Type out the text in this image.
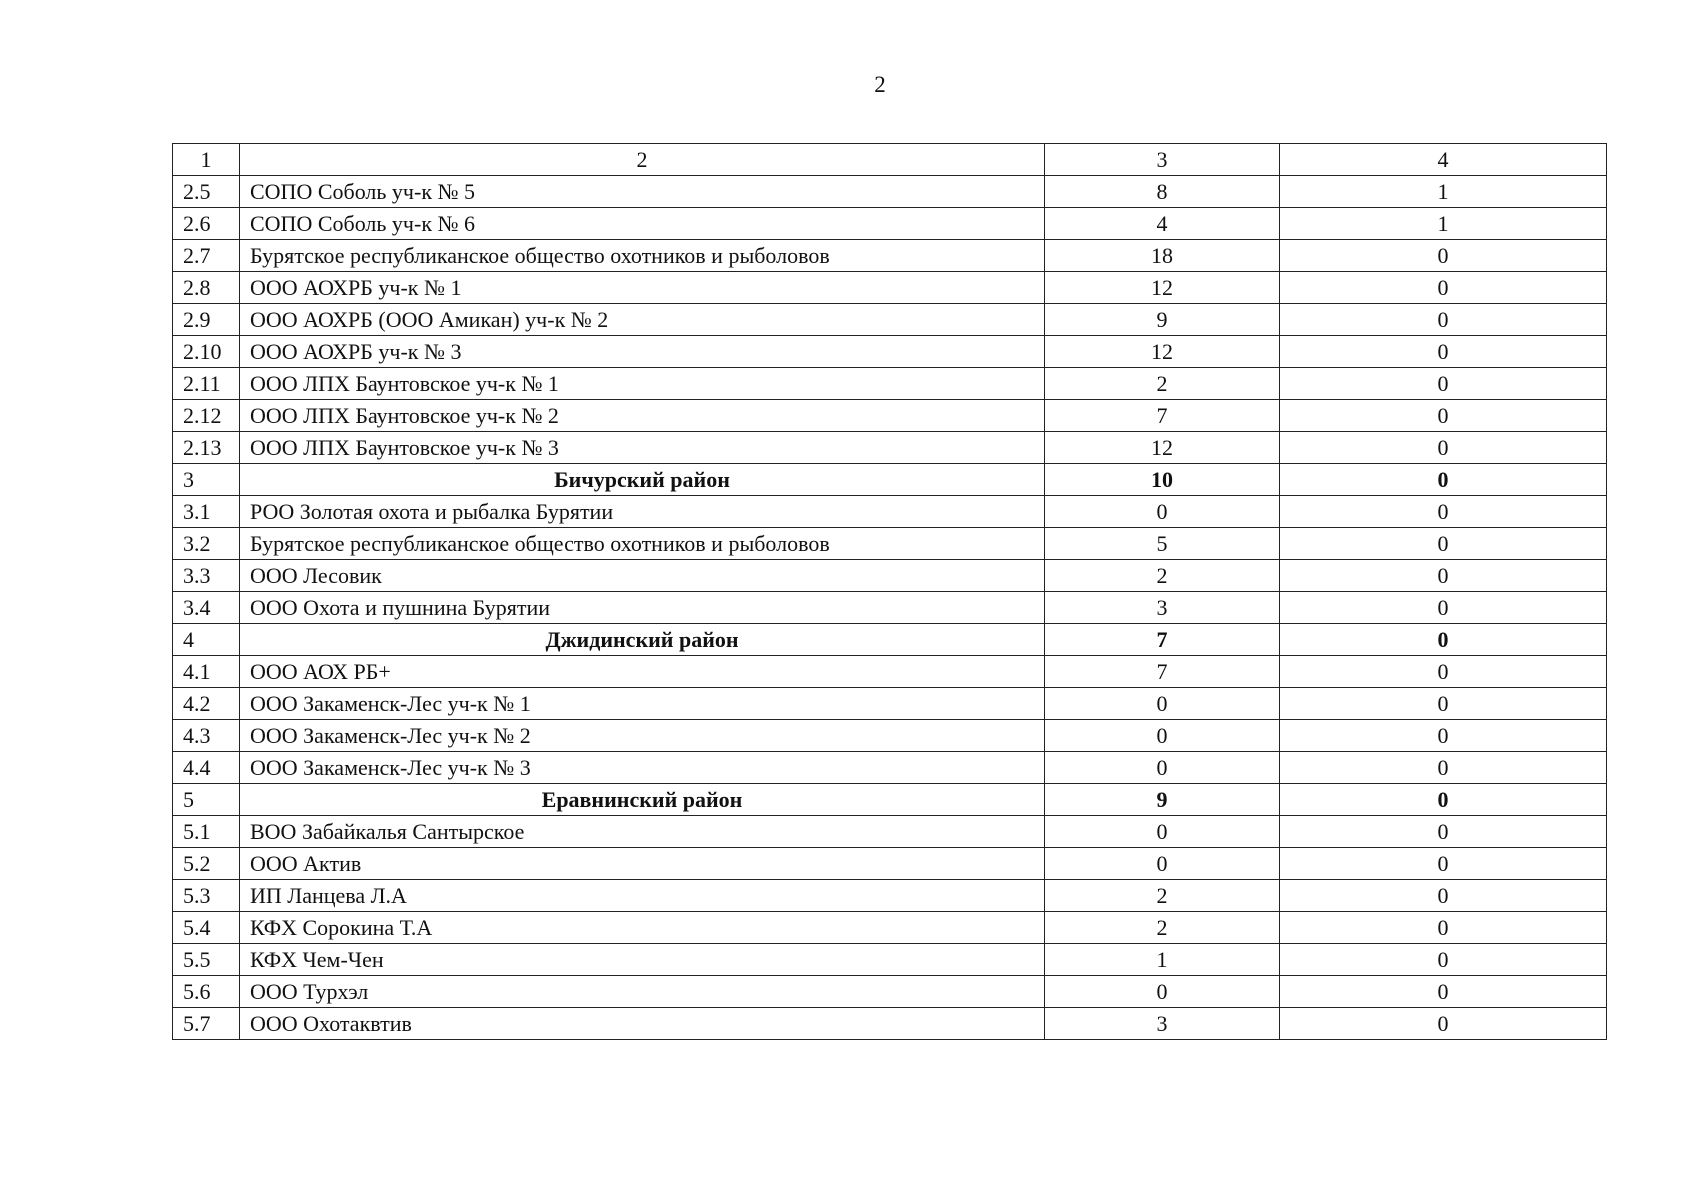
2
1	2	3	4
2.5	СОПО Соболь уч-к № 5	8	1
2.6	СОПО Соболь уч-к № 6	4	1
2.7	Бурятское республиканское общество охотников и рыболовов	18	0
2.8	ООО АОХРБ уч-к № 1	12	0
2.9	ООО АОХРБ (ООО Амикан) уч-к № 2	9	0
2.10	ООО АОХРБ уч-к № 3	12	0
2.11	ООО ЛПХ Баунтовское уч-к № 1	2	0
2.12	ООО ЛПХ Баунтовское уч-к № 2	7	0
2.13	ООО ЛПХ Баунтовское уч-к № 3	12	0
3	Бичурский район	10	0
3.1	РОО Золотая охота и рыбалка Бурятии	0	0
3.2	Бурятское республиканское общество охотников и рыболовов	5	0
3.3	ООО Лесовик	2	0
3.4	ООО Охота и пушнина Бурятии	3	0
4	Джидинский район	7	0
4.1	ООО АОХ РБ+	7	0
4.2	ООО Закаменск-Лес уч-к № 1	0	0
4.3	ООО Закаменск-Лес уч-к № 2	0	0
4.4	ООО Закаменск-Лес уч-к № 3	0	0
5	Еравнинский район	9	0
5.1	ВОО Забайкалья Сантырское	0	0
5.2	ООО Актив	0	0
5.3	ИП Ланцева Л.А	2	0
5.4	КФХ Сорокина Т.А	2	0
5.5	КФХ Чем-Чен	1	0
5.6	ООО Турхэл	0	0
5.7	ООО Охотаквтив	3	0
